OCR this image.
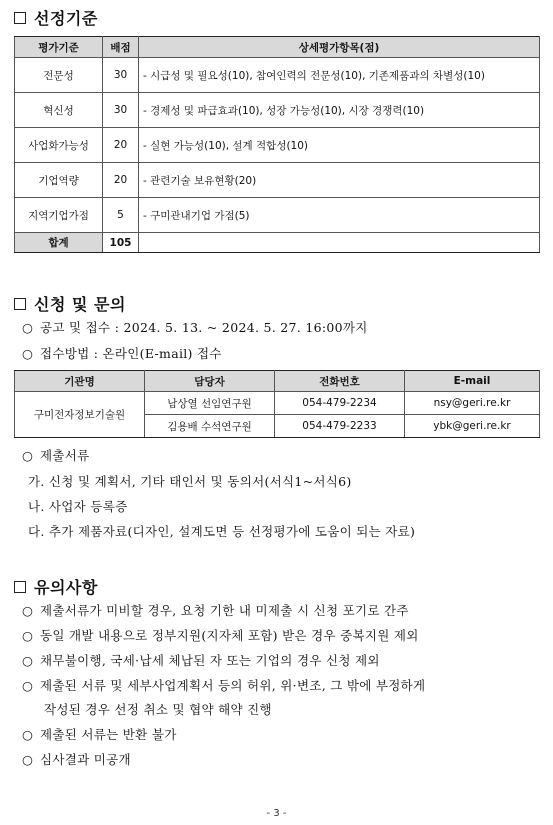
선정기준
평가기준	배점	상세평가항목(점)
전문성	30	- 시급성 및 필요성(10), 참여인력의 전문성(10), 기존제품과의 차별성(10)
혁신성	30	- 경제성 및 파급효과(10), 성장 가능성(10), 시장 경쟁력(10)
사업화가능성	20	- 실현 가능성(10), 설계 적합성(10)
기업역량	20	- 관련기술 보유현황(20)
지역기업가점	5	- 구미관내기업 가점(5)
합계	105	
신청 및 문의
○ 공고 및 접수 : 2024. 5. 13. ~ 2024. 5. 27. 16:00까지
○ 접수방법 : 온라인(E-mail) 접수
기관명	담당자	전화번호	E-mail
구미전자정보기술원	남상열 선임연구원	054-479-2234	nsy@geri.re.kr
	김용배 수석연구원	054-479-2233	ybk@geri.re.kr
○ 제출서류
가. 신청 및 계획서, 기타 태인서 및 동의서(서식1~서식6)
나. 사업자 등록증
다. 추가 제품자료(디자인, 설계도면 등 선정평가에 도움이 되는 자료)
유의사항
○ 제출서류가 미비할 경우, 요청 기한 내 미제출 시 신청 포기로 간주
○ 동일 개발 내용으로 정부지원(지자체 포함) 받은 경우 중복지원 제외
○ 채무불이행, 국세·납세 체납된 자 또는 기업의 경우 신청 제외
○ 제출된 서류 및 세부사업계획서 등의 허위, 위·변조, 그 밖에 부정하게
작성된 경우 선정 취소 및 협약 해약 진행
○ 제출된 서류는 반환 불가
○ 심사결과 미공개
- 3 -
